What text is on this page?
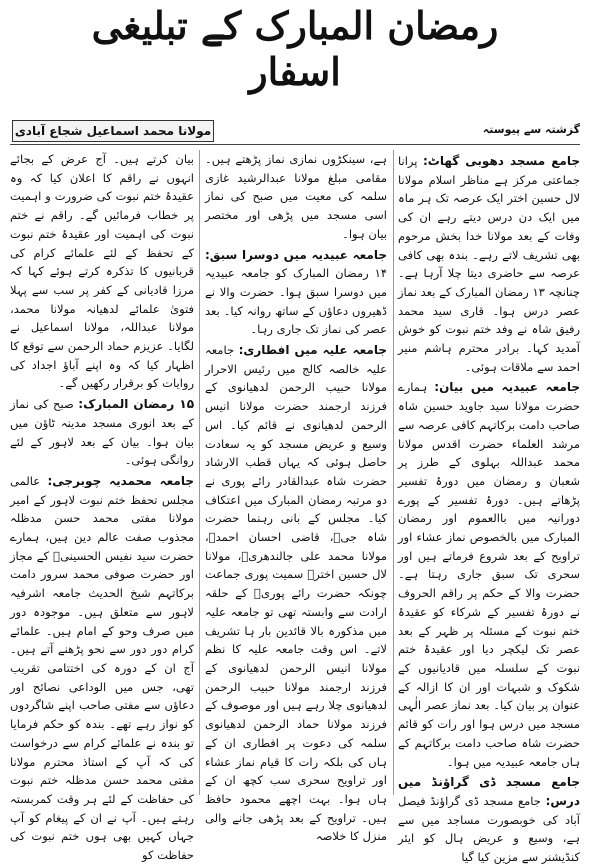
رمضان المبارک کے تبلیغی
اسفار
مولانا محمد اسماعیل شجاع آبادی	گزشتہ سے پیوستہ

جامع مسجد دھوبی گھاٹ: پرانا جماعتی مرکز ہے مناظر اسلام مولانا لال حسین اختر ایک عرصہ تک ہر ماہ میں ایک دن درس دیتے رہے ان کی وفات کے بعد مولانا خدا بخش مرحوم بھی تشریف لاتے رہے۔ بندہ بھی کافی عرصہ سے حاضری دیتا چلا آرہا ہے۔ چنانچہ ۱۳ رمضان المبارک کے بعد نماز عصر درس ہوا۔ قاری سید محمد رفیق شاہ نے وفد ختم نبوت کو خوش آمدید کہا۔ برادر محترم ہاشم منیر احمد سے ملاقات ہوئی۔

جامعہ عبیدیہ میں بیان: ہمارے حضرت مولانا سید جاوید حسین شاہ صاحب دامت برکاتہم کافی عرصہ سے مرشد العلماء حضرت اقدس مولانا محمد عبداللہ بہلوی کے طرز پر شعبان و رمضان میں دورۂ تفسیر پڑھاتے ہیں۔ دورۂ تفسیر کے پورے دورانیہ میں باالعموم اور رمضان المبارک میں بالخصوص نماز عشاء اور تراویح کے بعد شروع فرماتے ہیں اور سحری تک سبق جاری رہتا ہے۔ حضرت والا کے حکم پر راقم الحروف نے دورۂ تفسیر کے شرکاء کو عقیدۂ ختم نبوت کے مسئلہ پر ظہر کے بعد عصر تک لیکچر دیا اور عقیدۂ ختم نبوت کے سلسلہ میں قادیانیوں کے شکوک و شبہات اور ان کا ازالہ کے عنوان پر بیان کیا۔ بعد نماز عصر الٰہی مسجد میں درس ہوا اور رات کو قائم حضرت شاہ صاحب دامت برکاتہم کے ہاں جامعہ عبیدیہ میں ہوا۔

جامع مسجد ڈی گراؤنڈ میں درس: جامع مسجد ڈی گراؤنڈ فیصل آباد کی خوبصورت مساجد میں سے ہے، وسیع و عریض ہال کو ایئر کنڈیشنر سے مزین کیا گیا

ہے، سینکڑوں نمازی نماز پڑھتے ہیں۔ مقامی مبلغ مولانا عبدالرشید غازی سلمہ کی معیت میں صبح کی نماز اسی مسجد میں پڑھی اور مختصر بیان ہوا۔

جامعہ عبیدیہ میں دوسرا سبق: ۱۴ رمضان المبارک کو جامعہ عبیدیہ میں دوسرا سبق ہوا۔ حضرت والا نے ڈھیروں دعاؤں کے ساتھ روانہ کیا۔ بعد عصر کی نماز تک جاری رہا۔

جامعہ علیہ میں افطاری: جامعہ علیہ خالصہ کالج میں رئیس الاحرار مولانا حبیب الرحمن لدھیانوی کے فرزند ارجمند حضرت مولانا انیس الرحمن لدھیانوی نے قائم کیا۔ اس وسیع و عریض مسجد کو یہ سعادت حاصل ہوئی کہ یہاں قطب الارشاد حضرت شاہ عبدالقادر رائے پوری نے دو مرتبہ رمضان المبارک میں اعتکاف کیا۔ مجلس کے بانی رہنما حضرت شاہ جیؒ، قاضی احسان احمدؒ، مولانا محمد علی جالندھریؒ، مولانا لال حسین اخترؒ سمیت پوری جماعت چونکہ حضرت رائے پوریؒ کے حلقہ ارادت سے وابستہ تھی تو جامعہ علیہ میں مذکورہ بالا قائدین بار ہا تشریف لاتے۔ اس وقت جامعہ علیہ کا نظم مولانا انیس الرحمن لدھیانوی کے فرزند ارجمند مولانا حبیب الرحمن لدھیانوی چلا رہے ہیں اور موصوف کے فرزند مولانا حماد الرحمن لدھیانوی سلمہ کی دعوت پر افطاری ان کے ہاں کی بلکہ رات کا قیام نماز عشاء اور تراویح سحری سب کچھ ان کے ہاں ہوا۔ بہت اچھے محمود حافظ ہیں۔ تراویح کے بعد پڑھی جانے والی منزل کا خلاصہ

بیان کرتے ہیں۔ آج عرض کے بجائے انہوں نے راقم کا اعلان کیا کہ وہ عقیدۂ ختم نبوت کی ضرورت و اہمیت پر خطاب فرمائیں گے۔ راقم نے ختم نبوت کی اہمیت اور عقیدۂ ختم نبوت کے تحفظ کے لئے علمائے کرام کی قربانیوں کا تذکرہ کرتے ہوئے کہا کہ مرزا قادیانی کے کفر پر سب سے پہلا فتویٰ علمائے لدھیانہ مولانا محمد، مولانا عبداللہ، مولانا اسماعیل نے لگایا۔ عزیزم حماد الرحمن سے توقع کا اظہار کیا کہ وہ اپنے آباؤ اجداد کی روایات کو برقرار رکھیں گے۔

۱۵ رمضان المبارک: صبح کی نماز کے بعد انوری مسجد مدینہ ٹاؤن میں بیان ہوا۔ بیان کے بعد لاہور کے لئے روانگی ہوئی۔

جامعہ محمدیہ چوبرجی: عالمی مجلس تحفظ ختم نبوت لاہور کے امیر مولانا مفتی محمد حسن مدظلہ مجذوب صفت عالم دین ہیں، ہمارے حضرت سید نفیس الحسینیؒ کے مجاز اور حضرت صوفی محمد سرور دامت برکاتہم شیخ الحدیث جامعہ اشرفیہ لاہور سے متعلق ہیں۔ موجودہ دور میں صرف وحو کے امام ہیں۔ علمائے کرام دور دور سے نحو پڑھنے آتے ہیں۔ آج ان کے دورہ کی اختتامی تقریب تھی، جس میں الوداعی نصائح اور دعاؤں سے مفتی صاحب اپنے شاگردوں کو نواز رہے تھے۔ بندہ کو حکم فرمایا تو بندہ نے علمائے کرام سے درخواست کی کہ آپ کے استاذ محترم مولانا مفتی محمد حسن مدظلہ ختم نبوت کی حفاظت کے لئے ہر وقت کمربستہ رہتے ہیں۔ آپ نے ان کے پیغام کو آپ جہاں کہیں بھی ہوں ختم نبوت کی حفاظت کو
